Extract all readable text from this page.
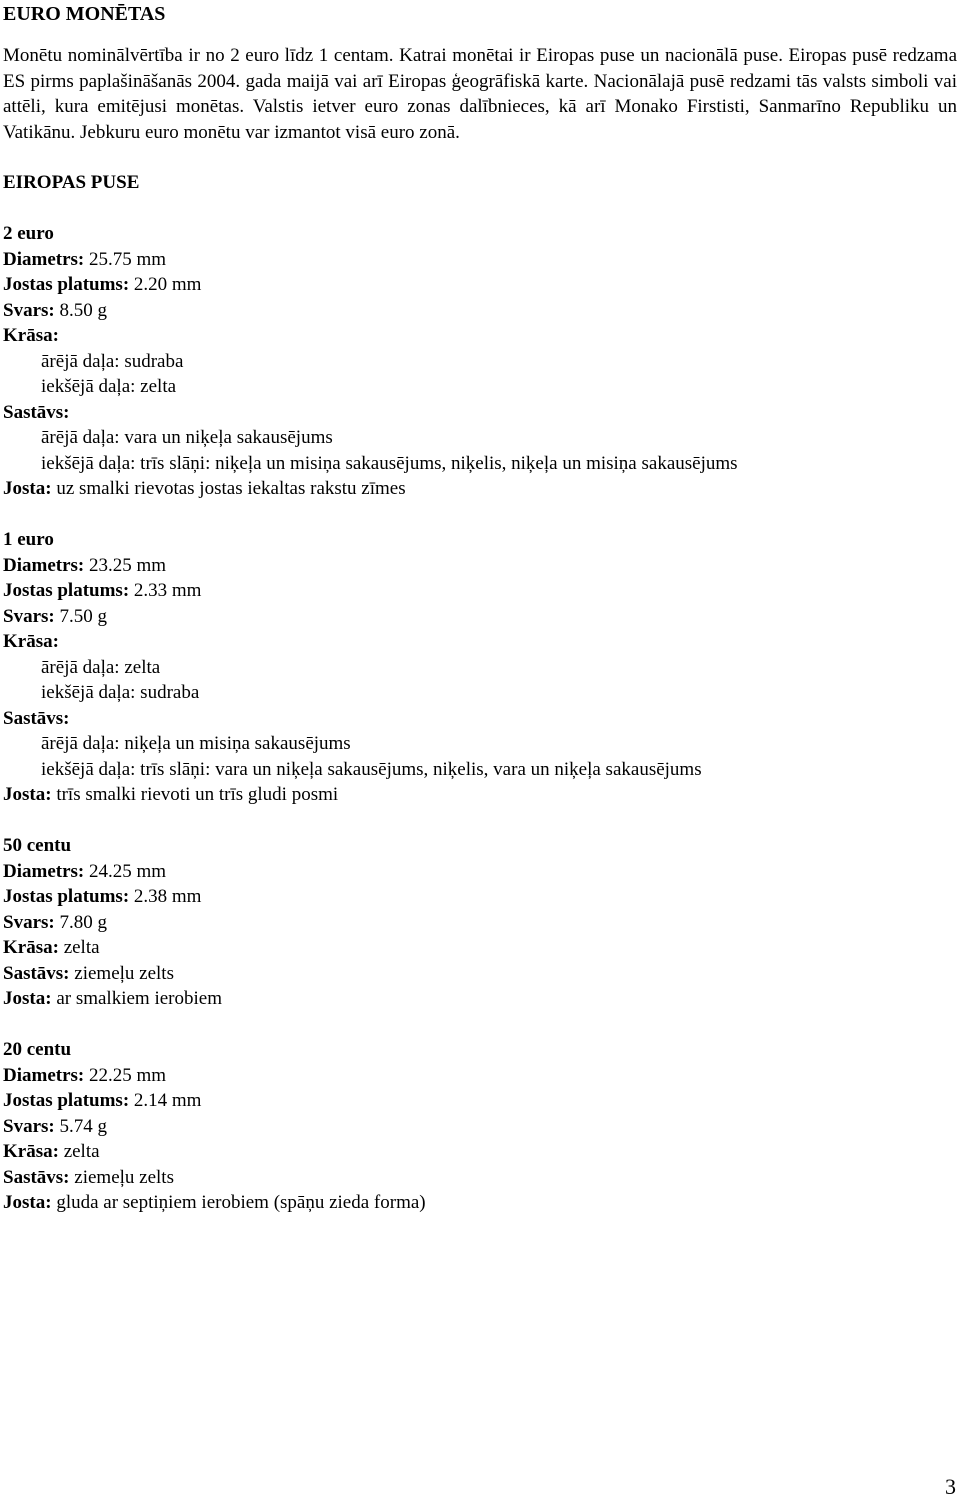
EURO MONĒTAS

Monētu nominālvērtība ir no 2 euro līdz 1 centam. Katrai monētai ir Eiropas puse un nacionālā puse. Eiropas pusē redzama ES pirms paplašināšanās 2004. gada maijā vai arī Eiropas ģeogrāfiskā karte. Nacionālajā pusē redzami tās valsts simboli vai attēli, kura emitējusi monētas. Valstis ietver euro zonas dalībnieces, kā arī Monako Firstisti, Sanmarīno Republiku un Vatikānu. Jebkuru euro monētu var izmantot visā euro zonā.

EIROPAS PUSE
2 euro
Diametrs: 25.75 mm
Jostas platums: 2.20 mm
Svars: 8.50 g
Krāsa:
ārējā daļa: sudraba
iekšējā daļa: zelta
Sastāvs:
ārējā daļa: vara un niķeļa sakausējums
iekšējā daļa: trīs slāņi: niķeļa un misiņa sakausējums, niķelis, niķeļa un misiņa sakausējums
Josta: uz smalki rievotas jostas iekaltas rakstu zīmes
1 euro
Diametrs: 23.25 mm
Jostas platums: 2.33 mm
Svars: 7.50 g
Krāsa:
ārējā daļa: zelta
iekšējā daļa: sudraba
Sastāvs:
ārējā daļa: niķeļa un misiņa sakausējums
iekšējā daļa: trīs slāņi: vara un niķeļa sakausējums, niķelis, vara un niķeļa sakausējums
Josta: trīs smalki rievoti un trīs gludi posmi
50 centu
Diametrs: 24.25 mm
Jostas platums: 2.38 mm
Svars: 7.80 g
Krāsa: zelta
Sastāvs: ziemeļu zelts
Josta: ar smalkiem ierobiem
20 centu
Diametrs: 22.25 mm
Jostas platums: 2.14 mm
Svars: 5.74 g
Krāsa: zelta
Sastāvs: ziemeļu zelts
Josta: gluda ar septiņiem ierobiem (spāņu zieda forma)
3
